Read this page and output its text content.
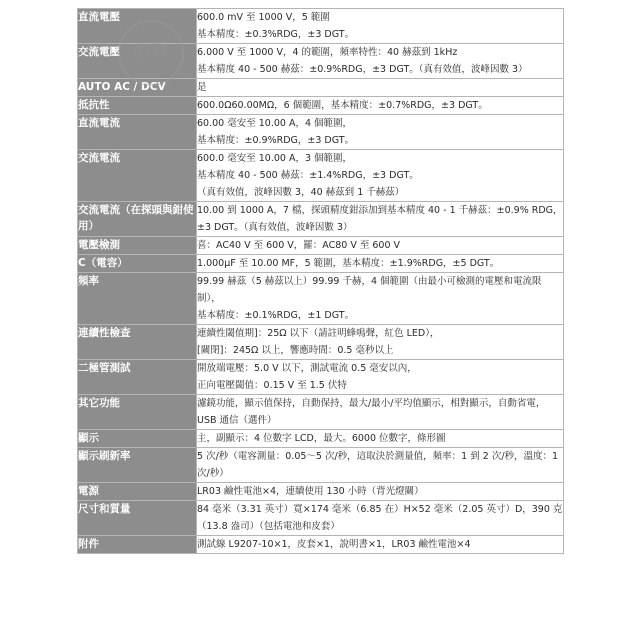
直流電壓	600.0 mV 至 1000 V，5 範圍
基本精度：±0.3%RDG，±3 DGT。

交流電壓	6.000 V 至 1000 V，4 的範圍，頻率特性：40 赫茲到 1kHz
基本精度 40 - 500 赫茲：±0.9%RDG，±3 DGT。（真有效值，波峰因數 3）

AUTO AC / DCV	是

抵抗性	600.0Ω60.00MΩ，6 個範圍，基本精度：±0.7%RDG，±3 DGT。

直流電流	60.00 毫安至 10.00 A，4 個範圍，
基本精度：±0.9%RDG，±3 DGT。

交流電流	600.0 毫安至 10.00 A，3 個範圍，
基本精度 40 - 500 赫茲：±1.4%RDG，±3 DGT。
（真有效值，波峰因數 3，40 赫茲到 1 千赫茲）

交流電流（在探頭與鉗使用）	10.00 到 1000 A，7 檔，探頭精度鉗添加到基本精度 40 - 1 千赫茲：±0.9% RDG，±3 DGT。（真有效值，波峰因數 3）

電壓檢測	喜：AC40 V 至 600 V，羅：AC80 V 至 600 V

C（電容）	1.000µF 至 10.00 MF，5 範圍，基本精度：±1.9%RDG，±5 DGT。

頻率	99.99 赫茲（5 赫茲以上）99.99 千赫，4 個範圍（由最小可檢測的電壓和電流限制），
基本精度：±0.1%RDG，±1 DGT。

連續性檢查	連續性閾值期]：25Ω 以下（請註明蜂鳴聲，紅色 LED），
[關閉]：245Ω 以上，響應時間：0.5 毫秒以上

二極管測試	開放端電壓：5.0 V 以下，測試電流 0.5 毫安以內，
正向電壓閾值：0.15 V 至 1.5 伏特

其它功能	濾鏡功能，顯示值保持，自動保持，最大/最小/平均值顯示，相對顯示，自動省電，USB 通信（選件）

顯示	主，副顯示：4 位數字 LCD，最大。6000 位數字，條形圖

顯示刷新率	5 次/秒（電容測量：0.05～5 次/秒，這取決於測量值，頻率：1 到 2 次/秒，溫度：1 次/秒）

電源	LR03 鹼性電池×4，連續使用 130 小時（背光燈關）

尺寸和質量	84 毫米（3.31 英寸）寬×174 毫米（6.85 在）H×52 毫米（2.05 英寸）D，390 克（13.8 盎司）（包括電池和皮套）

附件	測試線 L9207-10×1，皮套×1，說明書×1，LR03 鹼性電池×4
中崙
